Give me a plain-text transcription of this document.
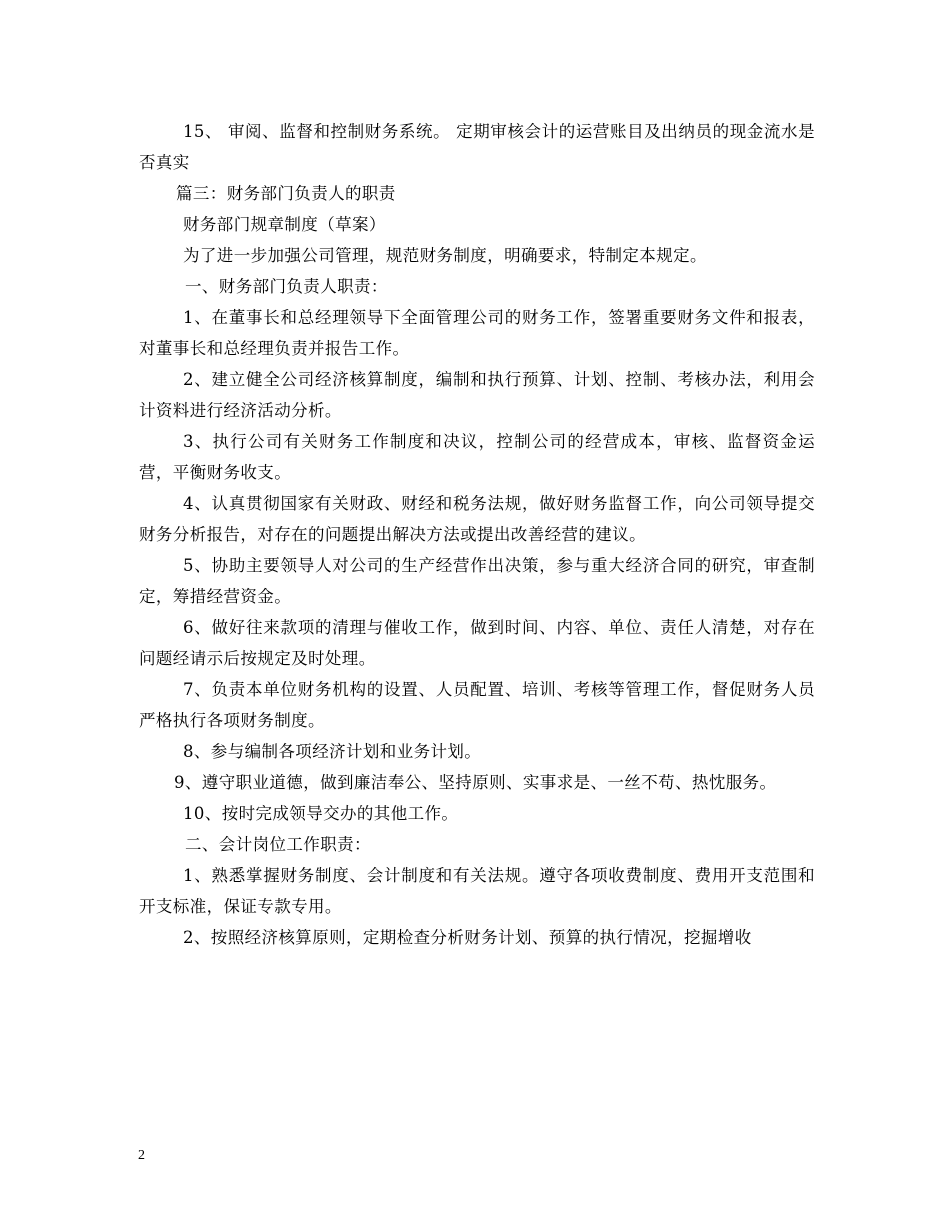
15、 审阅、监督和控制财务系统。 定期审核会计的运营账目及出纳员的现金流水是否真实

篇三：财务部门负责人的职责

财务部门规章制度（草案）

为了进一步加强公司管理，规范财务制度，明确要求，特制定本规定。

一、财务部门负责人职责：

1、在董事长和总经理领导下全面管理公司的财务工作，签署重要财务文件和报表，对董事长和总经理负责并报告工作。

2、建立健全公司经济核算制度，编制和执行预算、计划、控制、考核办法，利用会计资料进行经济活动分析。

3、执行公司有关财务工作制度和决议，控制公司的经营成本，审核、监督资金运营，平衡财务收支。

4、认真贯彻国家有关财政、财经和税务法规，做好财务监督工作，向公司领导提交财务分析报告，对存在的问题提出解决方法或提出改善经营的建议。

5、协助主要领导人对公司的生产经营作出决策，参与重大经济合同的研究，审查制定，筹措经营资金。

6、做好往来款项的清理与催收工作，做到时间、内容、单位、责任人清楚，对存在问题经请示后按规定及时处理。

7、负责本单位财务机构的设置、人员配置、培训、考核等管理工作，督促财务人员严格执行各项财务制度。

8、参与编制各项经济计划和业务计划。

9、遵守职业道德，做到廉洁奉公、坚持原则、实事求是、一丝不苟、热忱服务。

10、按时完成领导交办的其他工作。

二、会计岗位工作职责：

1、熟悉掌握财务制度、会计制度和有关法规。遵守各项收费制度、费用开支范围和开支标准，保证专款专用。

2、按照经济核算原则，定期检查分析财务计划、预算的执行情况，挖掘增收

2
